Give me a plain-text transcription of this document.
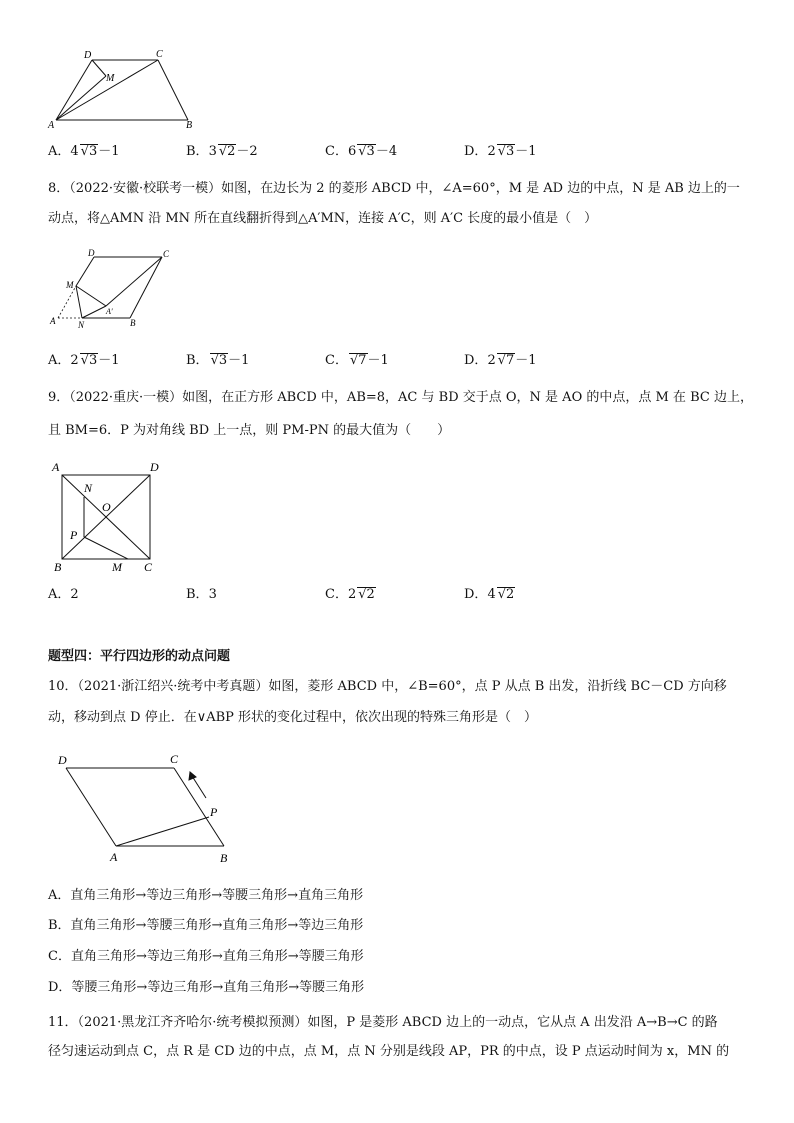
D	C
M
A	B
A．4 √3－1	B．3 √2－2	C．6 √3－4	D．2 √3－1
8．（2022·安徽·校联考一模）如图，在边长为 2 的菱形 ABCD 中，∠A=60°，M 是 AD 边的中点，N 是 AB 边上的一
动点，将△AMN 沿 MN 所在直线翻折得到△A′MN，连接 A′C，则 A′C 长度的最小值是（　）
D	C
M
A′
A	N	B
A．2 √3－1	B． √3－1	C． √7－1	D．2 √7－1
9．（2022·重庆·一模）如图，在正方形 ABCD 中，AB=8，AC 与 BD 交于点 O，N 是 AO 的中点，点 M 在 BC 边上，
且 BM=6．P 为对角线 BD 上一点，则 PM-PN 的最大值为（　　）
A	D
N
O
P
B	M C
A．2	B．3	C．2 √2	D．4 √2
题型四：平行四边形的动点问题
10．（2021·浙江绍兴·统考中考真题）如图，菱形 ABCD 中，∠B=60°，点 P 从点 B 出发，沿折线 BC－CD 方向移
动，移动到点 D 停止．在∨ABP 形状的变化过程中，依次出现的特殊三角形是（　）
D	C
P
A	B
A．直角三角形→等边三角形→等腰三角形→直角三角形
B．直角三角形→等腰三角形→直角三角形→等边三角形
C．直角三角形→等边三角形→直角三角形→等腰三角形
D．等腰三角形→等边三角形→直角三角形→等腰三角形
11．（2021·黑龙江齐齐哈尔·统考模拟预测）如图，P 是菱形 ABCD 边上的一动点，它从点 A 出发沿 A→B→C 的路
径匀速运动到点 C，点 R 是 CD 边的中点，点 M，点 N 分别是线段 AP，PR 的中点，设 P 点运动时间为 x，MN 的
